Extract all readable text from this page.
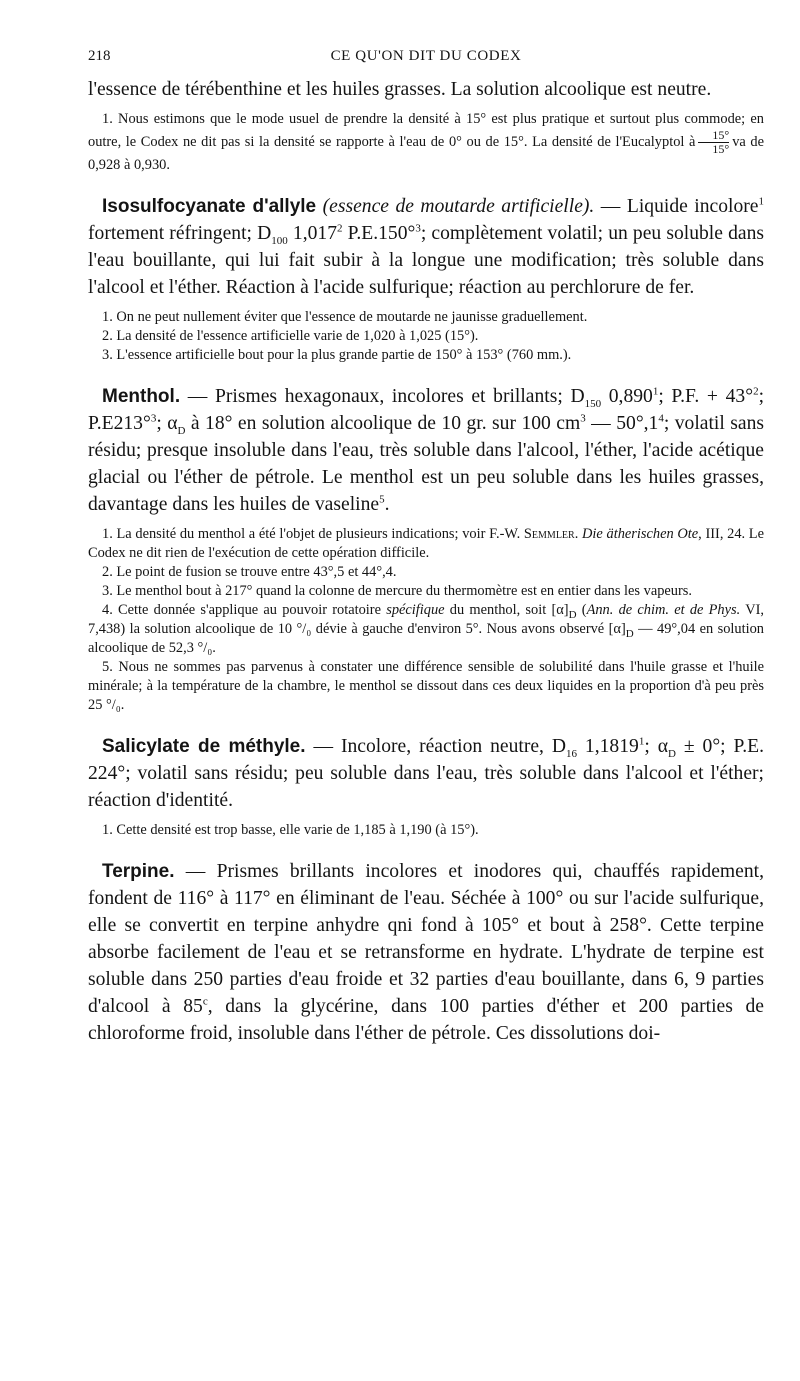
218	CE QU'ON DIT DU CODEX

l'essence de térébenthine et les huiles grasses. La solution alcoolique est neutre.

1. Nous estimons que le mode usuel de prendre la densité à 15° est plus pratique et surtout plus commode; en outre, le Codex ne dit pas si la densité se rapporte à l'eau de 0° ou de 15°. La densité de l'Eucalyptol à $\frac{15^\circ}{15^\circ}$ va de 0,928 à 0,930.

Isosulfocyanate d'allyle (essence de moutarde artificielle). — Liquide incolore$^1$ fortement réfringent; $D_{100}$ 1,017$^2$ P.E.150°$^3$; complètement volatil; un peu soluble dans l'eau bouillante, qui lui fait subir à la longue une modification; très soluble dans l'alcool et l'éther. Réaction à l'acide sulfurique; réaction au perchlorure de fer.

1. On ne peut nullement éviter que l'essence de moutarde ne jaunisse graduellement.

2. La densité de l'essence artificielle varie de 1,020 à 1,025 (15°).

3. L'essence artificielle bout pour la plus grande partie de 150° à 153° (760 mm.).

Menthol. — Prismes hexagonaux, incolores et brillants; $D_{150}$ 0,890$^1$; P.F. + 43°$^2$; P.E213°$^3$; $\alpha_D$ à 18° en solution alcoolique de 10 gr. sur 100 $cm^3$ — $50^\circ,1^4$; volatil sans résidu; presque insoluble dans l'eau, très soluble dans l'alcool, l'éther, l'acide acétique glacial ou l'éther de pétrole. Le menthol est un peu soluble dans les huiles grasses, davantage dans les huiles de vaseline$^5$.

1. La densité du menthol a été l'objet de plusieurs indications; voir F.-W. Semmler. Die ätherischen Ote, III, 24. Le Codex ne dit rien de l'exécution de cette opération difficile.

2. Le point de fusion se trouve entre 43°,5 et 44°,4.

3. Le menthol bout à 217° quand la colonne de mercure du thermomètre est en entier dans les vapeurs.

4. Cette donnée s'applique au pouvoir rotatoire spécifique du menthol, soit $[\alpha]_D$ (Ann. de chim. et de Phys. VI, 7,438) la solution alcoolique de 10 °/₀ dévie à gauche d'environ 5°. Nous avons observé $[\alpha]_D$ — 49°,04 en solution alcoolique de 52,3 °/₀.

5. Nous ne sommes pas parvenus à constater une différence sensible de solubilité dans l'huile grasse et l'huile minérale; à la température de la chambre, le menthol se dissout dans ces deux liquides en la proportion d'à peu près 25 °/₀.

Salicylate de méthyle. — Incolore, réaction neutre, $D_{16}$ 1,1819$^1$; $\alpha_D \pm 0^\circ$; P.E. 224°; volatil sans résidu; peu soluble dans l'eau, très soluble dans l'alcool et l'éther; réaction d'identité.

1. Cette densité est trop basse, elle varie de 1,185 à 1,190 (à 15°).

Terpine. — Prismes brillants incolores et inodores qui, chauffés rapidement, fondent de 116° à 117° en éliminant de l'eau. Séchée à 100° ou sur l'acide sulfurique, elle se convertit en terpine anhydre qni fond à 105° et bout à 258°. Cette terpine absorbe facilement de l'eau et se retransforme en hydrate. L'hydrate de terpine est soluble dans 250 parties d'eau froide et 32 parties d'eau bouillante, dans 6, 9 parties d'alcool à 85$^c$, dans la glycérine, dans 100 parties d'éther et 200 parties de chloroforme froid, insoluble dans l'éther de pétrole. Ces dissolutions doi-
